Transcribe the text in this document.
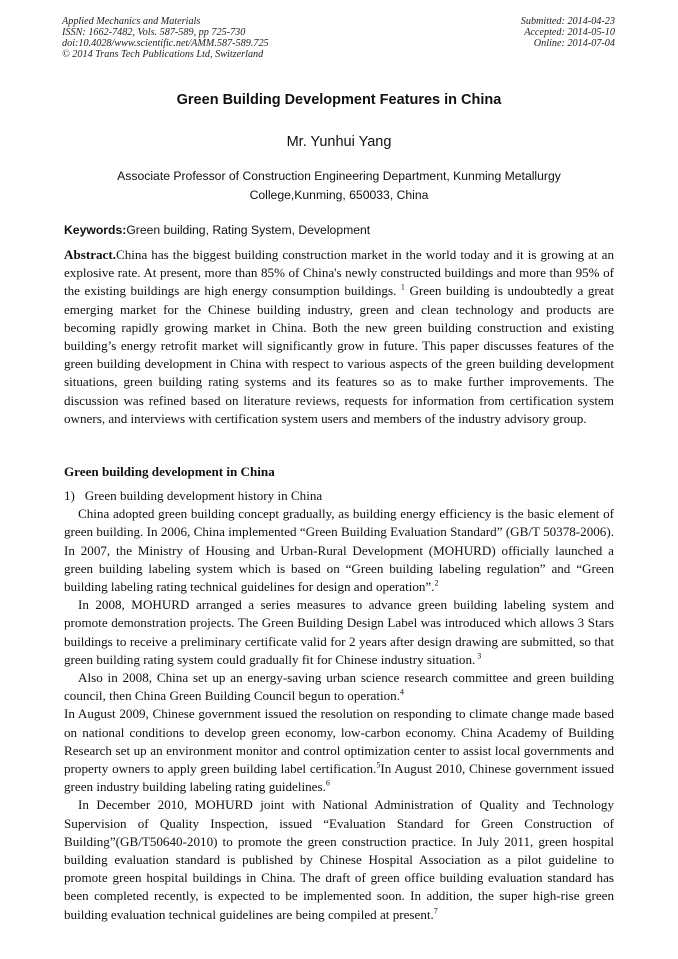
Applied Mechanics and Materials
ISSN: 1662-7482, Vols. 587-589, pp 725-730
doi:10.4028/www.scientific.net/AMM.587-589.725
© 2014 Trans Tech Publications Ltd, Switzerland
Submitted: 2014-04-23
Accepted: 2014-05-10
Online: 2014-07-04
Green Building Development Features in China
Mr. Yunhui Yang
Associate Professor of Construction Engineering Department, Kunming Metallurgy College,Kunming, 650033, China
Keywords:Green building, Rating System, Development
Abstract.China has the biggest building construction market in the world today and it is growing at an explosive rate. At present, more than 85% of China's newly constructed buildings and more than 95% of the existing buildings are high energy consumption buildings. $^1$ Green building is undoubtedly a great emerging market for the Chinese building industry, green and clean technology and products are becoming rapidly growing market in China. Both the new green building construction and existing building’s energy retrofit market will significantly grow in future. This paper discusses features of the green building development in China with respect to various aspects of the green building development situations, green building rating systems and its features so as to make further improvements. The discussion was refined based on literature reviews, requests for information from certification system owners, and interviews with certification system users and members of the industry advisory group.
Green building development in China

1)   Green building development history in China

China adopted green building concept gradually, as building energy efficiency is the basic element of green building. In 2006, China implemented “Green Building Evaluation Standard” (GB/T 50378-2006). In 2007, the Ministry of Housing and Urban-Rural Development (MOHURD) officially launched a green building labeling system which is based on “Green building labeling regulation” and “Green building labeling rating technical guidelines for design and operation”.$^2$

In 2008, MOHURD arranged a series measures to advance green building labeling system and promote demonstration projects. The Green Building Design Label was introduced which allows 3 Stars buildings to receive a preliminary certificate valid for 2 years after design drawing are submitted, so that green building rating system could gradually fit for Chinese industry situation. $^3$

Also in 2008, China set up an energy-saving urban science research committee and green building council, then China Green Building Council begun to operation.$^4$

In August 2009, Chinese government issued the resolution on responding to climate change made based on national conditions to develop green economy, low-carbon economy. China Academy of Building Research set up an environment monitor and control optimization center to assist local governments and property owners to apply green building label certification.$^5$In August 2010, Chinese government issued green industry building labeling rating guidelines.$^6$

In December 2010, MOHURD joint with National Administration of Quality and Technology Supervision of Quality Inspection, issued “Evaluation Standard for Green Construction of Building”(GB/T50640-2010) to promote the green construction practice. In July 2011, green hospital building evaluation standard is published by Chinese Hospital Association as a pilot guideline to promote green hospital buildings in China. The draft of green office building evaluation standard has been completed recently, is expected to be implemented soon. In addition, the super high-rise green building evaluation technical guidelines are being compiled at present.$^7$
